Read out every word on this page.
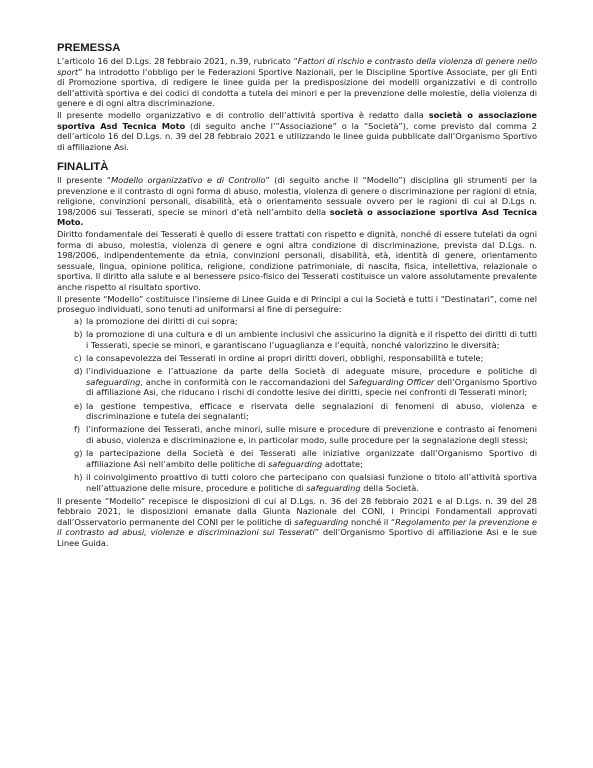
PREMESSA

L’articolo 16 del D.Lgs. 28 febbraio 2021, n.39, rubricato “Fattori di rischio e contrasto della violenza di genere nello sport” ha introdotto l’obbligo per le Federazioni Sportive Nazionali, per le Discipline Sportive Associate, per gli Enti di Promozione sportiva, di redigere le linee guida per la predisposizione dei modelli organizzativi e di controllo dell’attività sportiva e dei codici di condotta a tutela dei minori e per la prevenzione delle molestie, della violenza di genere e di ogni altra discriminazione.

Il presente modello organizzativo e di controllo dell’attività sportiva è redatto dalla società o associazione sportiva Asd Tecnica Moto (di seguito anche l’”Associazione” o la “Società”), come previsto dal comma 2 dell’articolo 16 del D.Lgs. n. 39 del 28 febbraio 2021 e utilizzando le linee guida pubblicate dall’Organismo Sportivo di affiliazione Asi.

FINALITÀ

Il presente “Modello organizzativo e di Controllo” (di seguito anche il “Modello”) disciplina gli strumenti per la prevenzione e il contrasto di ogni forma di abuso, molestia, violenza di genere o discriminazione per ragioni di etnia, religione, convinzioni personali, disabilità, età o orientamento sessuale ovvero per le ragioni di cui al D.Lgs n. 198/2006 sui Tesserati, specie se minori d’età nell’ambito della società o associazione sportiva Asd Tecnica Moto.

Diritto fondamentale dei Tesserati è quello di essere trattati con rispetto e dignità, nonché di essere tutelati da ogni forma di abuso, molestia, violenza di genere e ogni altra condizione di discriminazione, prevista dal D.Lgs. n. 198/2006, indipendentemente da etnia, convinzioni personali, disabilità, età, identità di genere, orientamento sessuale, lingua, opinione politica, religione, condizione patrimoniale, di nascita, fisica, intellettiva, relazionale o sportiva. Il diritto alla salute e al benessere psico-fisico dei Tesserati costituisce un valore assolutamente prevalente anche rispetto al risultato sportivo.

Il presente “Modello” costituisce l’insieme di Linee Guida e di Principi a cui la Società e tutti i “Destinatari”, come nel proseguo individuati, sono tenuti ad uniformarsi al fine di perseguire:

a) la promozione dei diritti di cui sopra;
b) la promozione di una cultura e di un ambiente inclusivi che assicurino la dignità e il rispetto dei diritti di tutti i Tesserati, specie se minori, e garantiscano l’uguaglianza e l’equità, nonché valorizzino le diversità;
c) la consapevolezza dei Tesserati in ordine ai propri diritti doveri, obblighi, responsabilità e tutele;
d) l’individuazione e l’attuazione da parte della Società di adeguate misure, procedure e politiche di safeguarding, anche in conformità con le raccomandazioni del Safeguarding Officer dell’Organismo Sportivo di affiliazione Asi, che riducano i rischi di condotte lesive dei diritti, specie nei confronti di Tesserati minori;
e) la gestione tempestiva, efficace e riservata delle segnalazioni di fenomeni di abuso, violenza e discriminazione e tutela dei segnalanti;
f) l’informazione dei Tesserati, anche minori, sulle misure e procedure di prevenzione e contrasto ai fenomeni di abuso, violenza e discriminazione e, in particolar modo, sulle procedure per la segnalazione degli stessi;
g) la partecipazione della Società e dei Tesserati alle iniziative organizzate dall’Organismo Sportivo di affiliazione Asi nell’ambito delle politiche di safeguarding adottate;
h) il coinvolgimento proattivo di tutti coloro che partecipano con qualsiasi funzione o titolo all’attività sportiva nell’attuazione delle misure, procedure e politiche di safeguarding della Società.

Il presente “Modello” recepisce le disposizioni di cui al D.Lgs. n. 36 del 28 febbraio 2021 e al D.Lgs. n. 39 del 28 febbraio 2021, le disposizioni emanate dalla Giunta Nazionale del CONI, i Principi Fondamentali approvati dall’Osservatorio permanente del CONI per le politiche di safeguarding nonché il “Regolamento per la prevenzione e il contrasto ad abusi, violenze e discriminazioni sui Tesserati” dell’Organismo Sportivo di affiliazione Asi e le sue Linee Guida.
